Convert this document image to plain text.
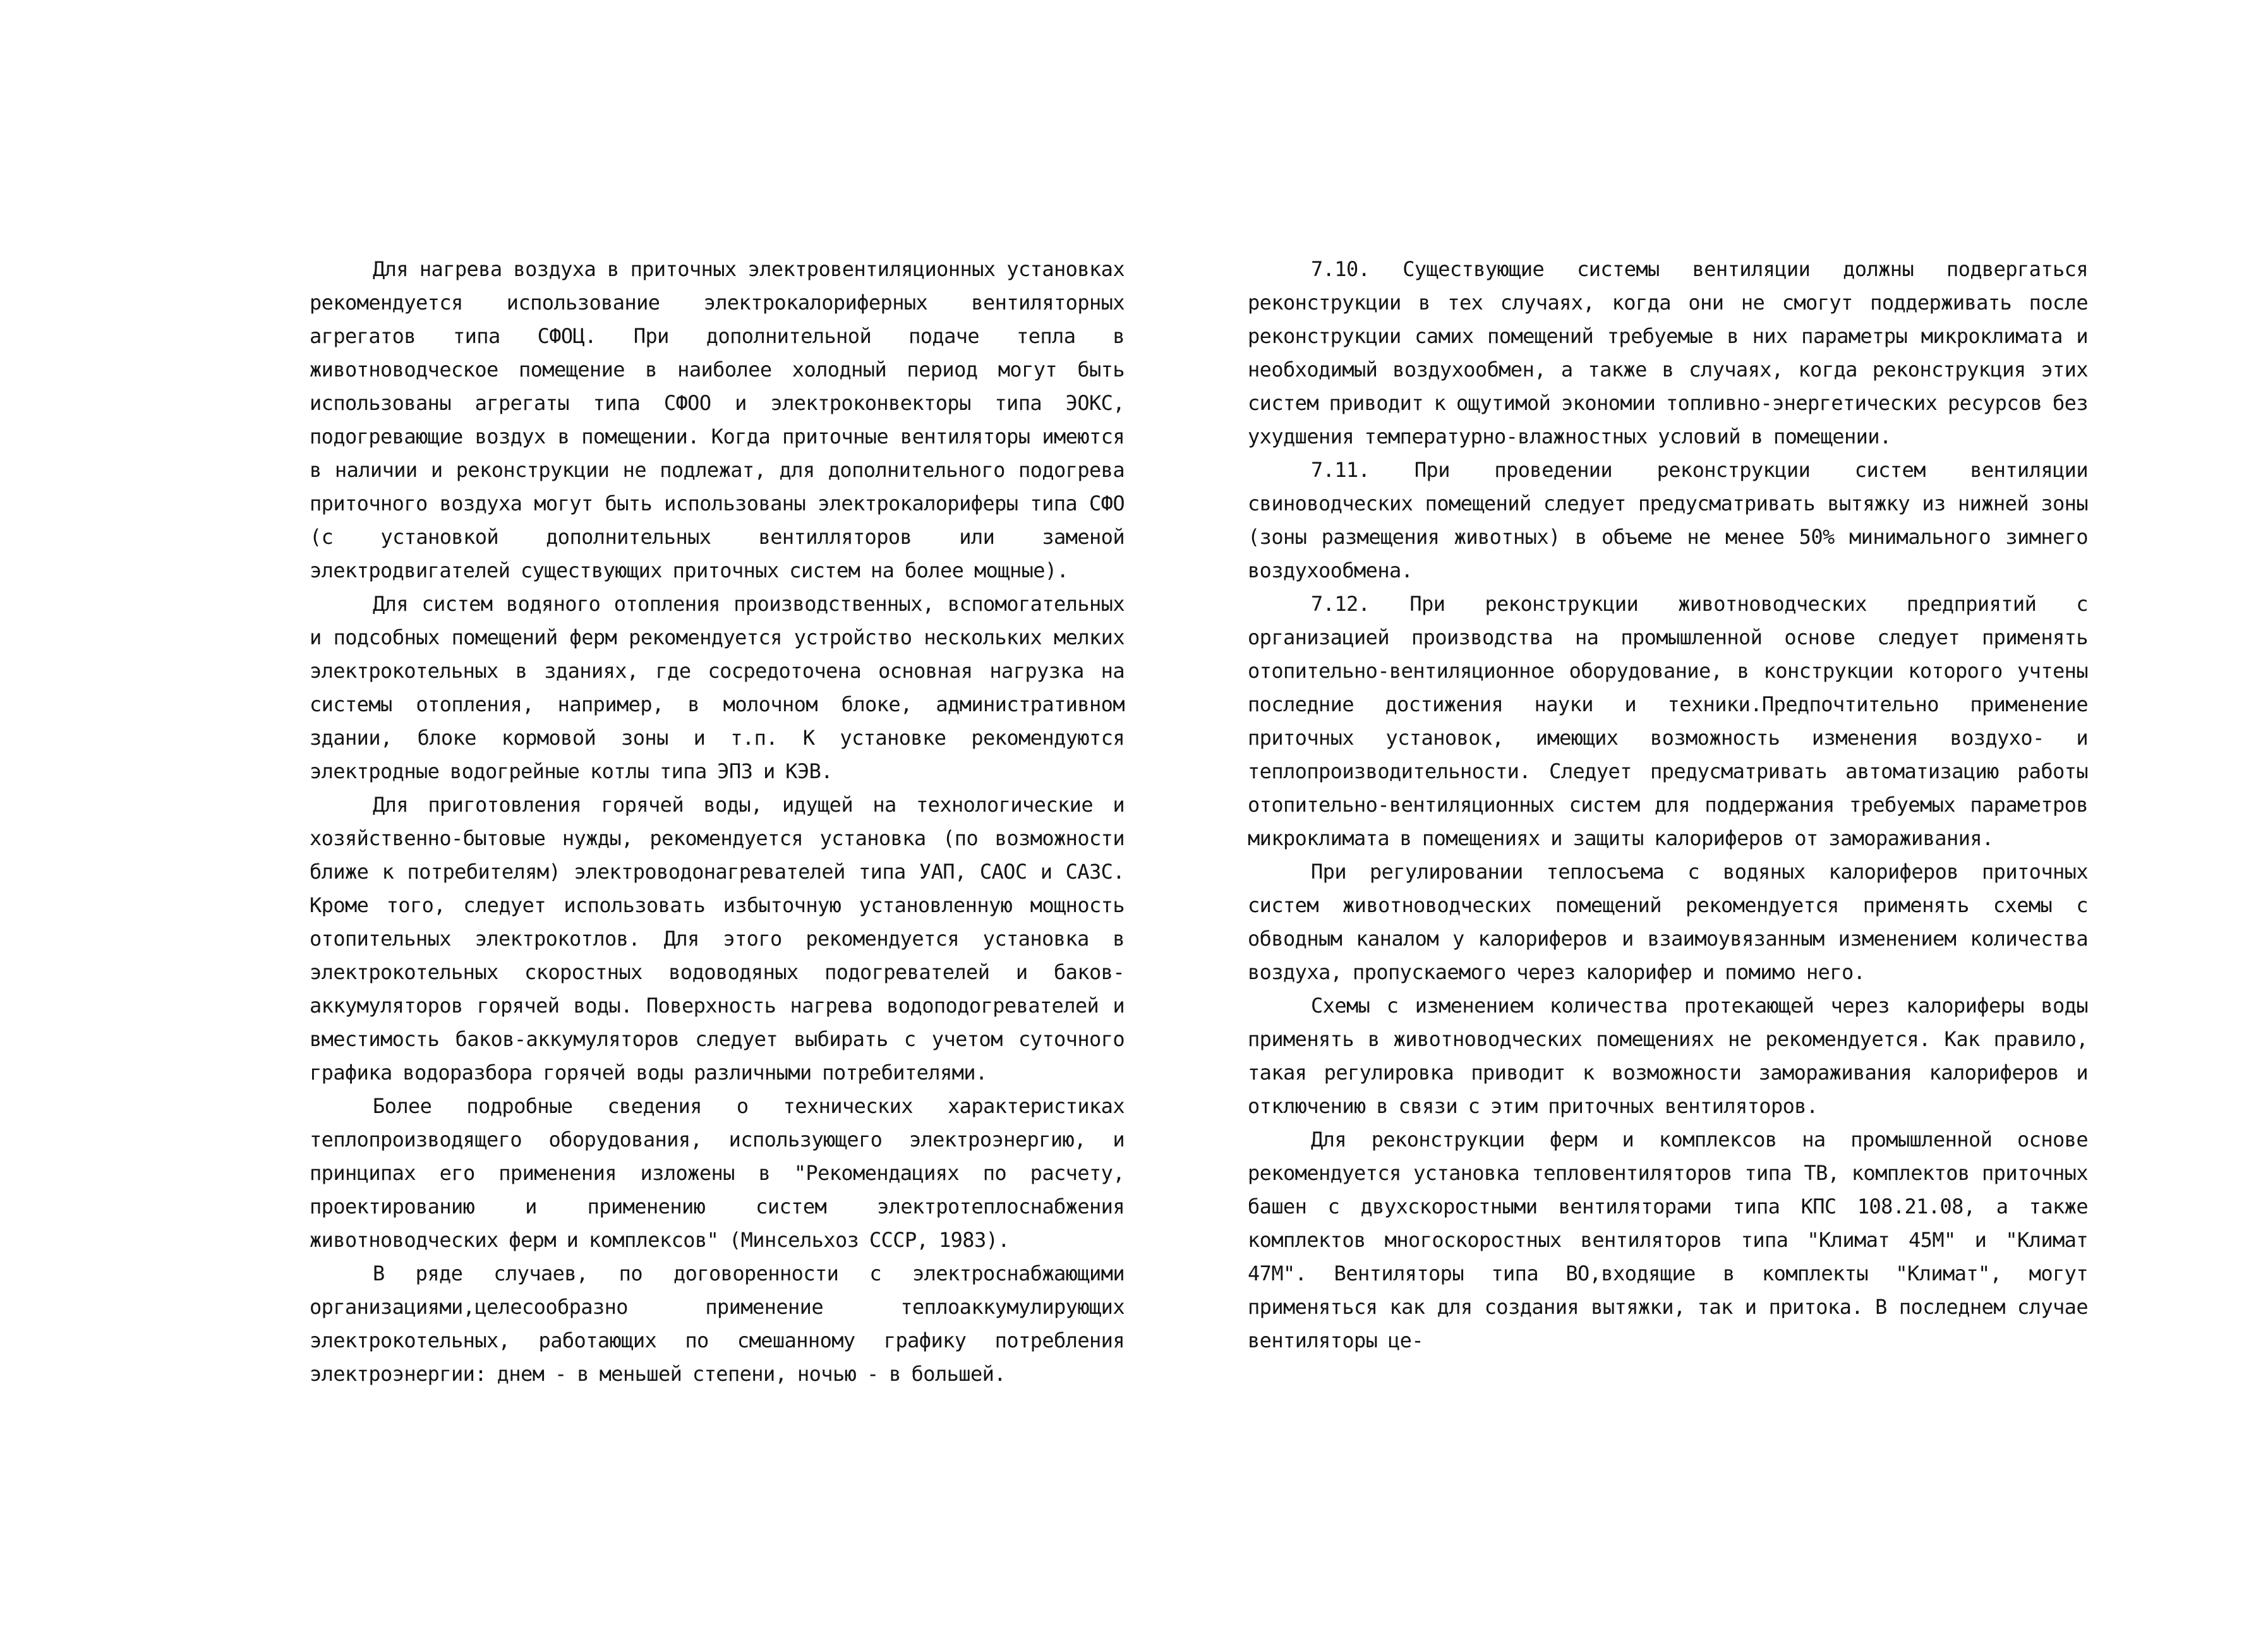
Для нагрева воздуха в приточных электровентиляционных установках рекомендуется использование электрокалориферных вентиляторных агрегатов типа СФОЦ. При дополнительной подаче тепла в животноводческое помещение в наиболее холодный период могут быть использованы агрегаты типа СФОО и электроконвекторы типа ЭОКС, подогревающие воздух в помещении. Когда приточные вентиляторы имеются в наличии и реконструкции не подлежат, для дополнительного подогрева приточного воздуха могут быть использованы электрокалориферы типа СФО (с установкой дополнительных вентилляторов или заменой электродвигателей существующих приточных систем на более мощные).

Для систем водяного отопления производственных, вспомогательных и подсобных помещений ферм рекомендуется устройство нескольких мелких электрокотельных в зданиях, где сосредоточена основная нагрузка на системы отопления, например, в молочном блоке, административном здании, блоке кормовой зоны и т.п. К установке рекомендуются электродные водогрейные котлы типа ЭПЗ и КЭВ.

Для приготовления горячей воды, идущей на технологические и хозяйственно-бытовые нужды, рекомендуется установка (по возможности ближе к потребителям) электроводонагревателей типа УАП, САОС и САЗС. Кроме того, следует использовать избыточную установленную мощность отопительных электрокотлов. Для этого рекомендуется установка в электрокотельных скоростных водоводяных подогревателей и баков-аккумуляторов горячей воды. Поверхность нагрева водоподогревателей и вместимость баков-аккумуляторов следует выбирать с учетом суточного графика водоразбора горячей воды различными потребителями.

Более подробные сведения о технических характеристиках теплопроизводящего оборудования, использующего электроэнергию, и принципах его применения изложены в "Рекомендациях по расчету, проектированию и применению систем электротеплоснабжения животноводческих ферм и комплексов" (Минсельхоз СССР, 1983).

В ряде случаев, по договоренности с электроснабжающими организациями,целесообразно применение теплоаккумулирующих электрокотельных, работающих по смешанному графику потребления электроэнергии: днем - в меньшей степени, ночью - в большей.

7.10. Существующие системы вентиляции должны подвергаться реконструкции в тех случаях, когда они не смогут поддерживать после реконструкции самих помещений требуемые в них параметры микроклимата и необходимый воздухообмен, а также в случаях, когда реконструкция этих систем приводит к ощутимой экономии топливно-энергетических ресурсов без ухудшения температурно-влажностных условий в помещении.

7.11. При проведении реконструкции систем вентиляции свиноводческих помещений следует предусматривать вытяжку из нижней зоны (зоны размещения животных) в объеме не менее 50% минимального зимнего воздухообмена.

7.12. При реконструкции животноводческих предприятий с организацией производства на промышленной основе следует применять отопительно-вентиляционное оборудование, в конструкции которого учтены последние достижения науки и техники.Предпочтительно применение приточных установок, имеющих возможность изменения воздухо- и теплопроизводительности. Следует предусматривать автоматизацию работы отопительно-вентиляционных систем для поддержания требуемых параметров микроклимата в помещениях и защиты калориферов от замораживания.

При регулировании теплосъема с водяных калориферов приточных систем животноводческих помещений рекомендуется применять схемы с обводным каналом у калориферов и взаимоувязанным изменением количества воздуха, пропускаемого через калорифер и помимо него.

Схемы с изменением количества протекающей через калориферы воды применять в животноводческих помещениях не рекомендуется. Как правило, такая регулировка приводит к возможности замораживания калориферов и отключению в связи с этим приточных вентиляторов.

Для реконструкции ферм и комплексов на промышленной основе рекомендуется установка тепловентиляторов типа ТВ, комплектов приточных башен с двухскоростными вентиляторами типа КПС 108.21.08, а также комплектов многоскоростных вентиляторов типа "Климат 45М" и "Климат 47М". Вентиляторы типа ВО,входящие в комплекты "Климат", могут применяться как для создания вытяжки, так и притока. В последнем случае вентиляторы це-
